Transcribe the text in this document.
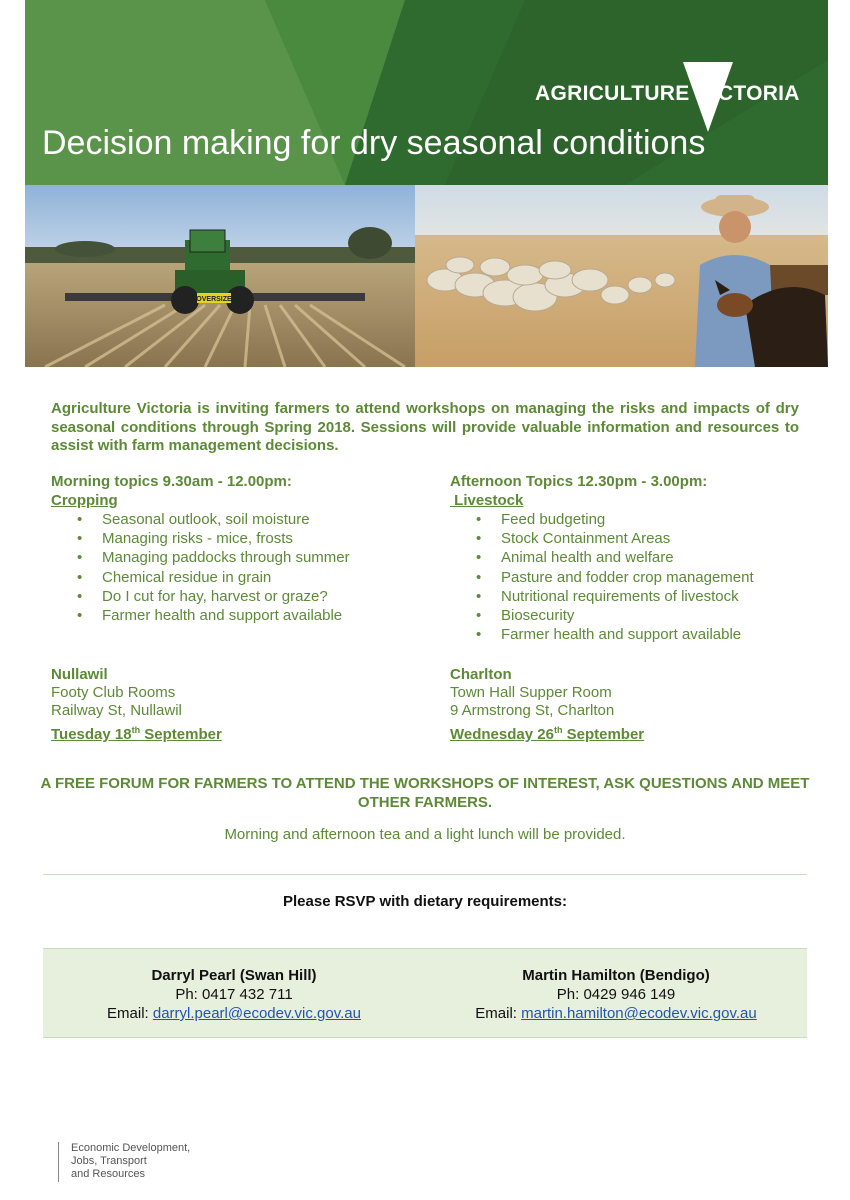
AGRICULTURE ICTORIA
Decision making for dry seasonal conditions
OVERSIZE
Agriculture Victoria is inviting farmers to attend workshops on managing the risks and impacts of dry seasonal conditions through Spring 2018. Sessions will provide valuable information and resources to assist with farm management decisions.
Morning topics 9.30am - 12.00pm:
Cropping
• Seasonal outlook, soil moisture
• Managing risks - mice, frosts
• Managing paddocks through summer
• Chemical residue in grain
• Do I cut for hay, harvest or graze?
• Farmer health and support available
Afternoon Topics 12.30pm - 3.00pm:
Livestock
• Feed budgeting
• Stock Containment Areas
• Animal health and welfare
• Pasture and fodder crop management
• Nutritional requirements of livestock
• Biosecurity
• Farmer health and support available
Nullawil
Footy Club Rooms
Railway St, Nullawil
Tuesday 18th September
Charlton
Town Hall Supper Room
9 Armstrong St, Charlton
Wednesday 26th September
A FREE FORUM FOR FARMERS TO ATTEND THE WORKSHOPS OF INTEREST, ASK QUESTIONS AND MEET OTHER FARMERS.
Morning and afternoon tea and a light lunch will be provided.
Please RSVP with dietary requirements:
Darryl Pearl (Swan Hill)
Ph: 0417 432 711
Email: darryl.pearl@ecodev.vic.gov.au
Martin Hamilton (Bendigo)
Ph: 0429 946 149
Email: martin.hamilton@ecodev.vic.gov.au
Economic Development,
Jobs, Transport
and Resources
